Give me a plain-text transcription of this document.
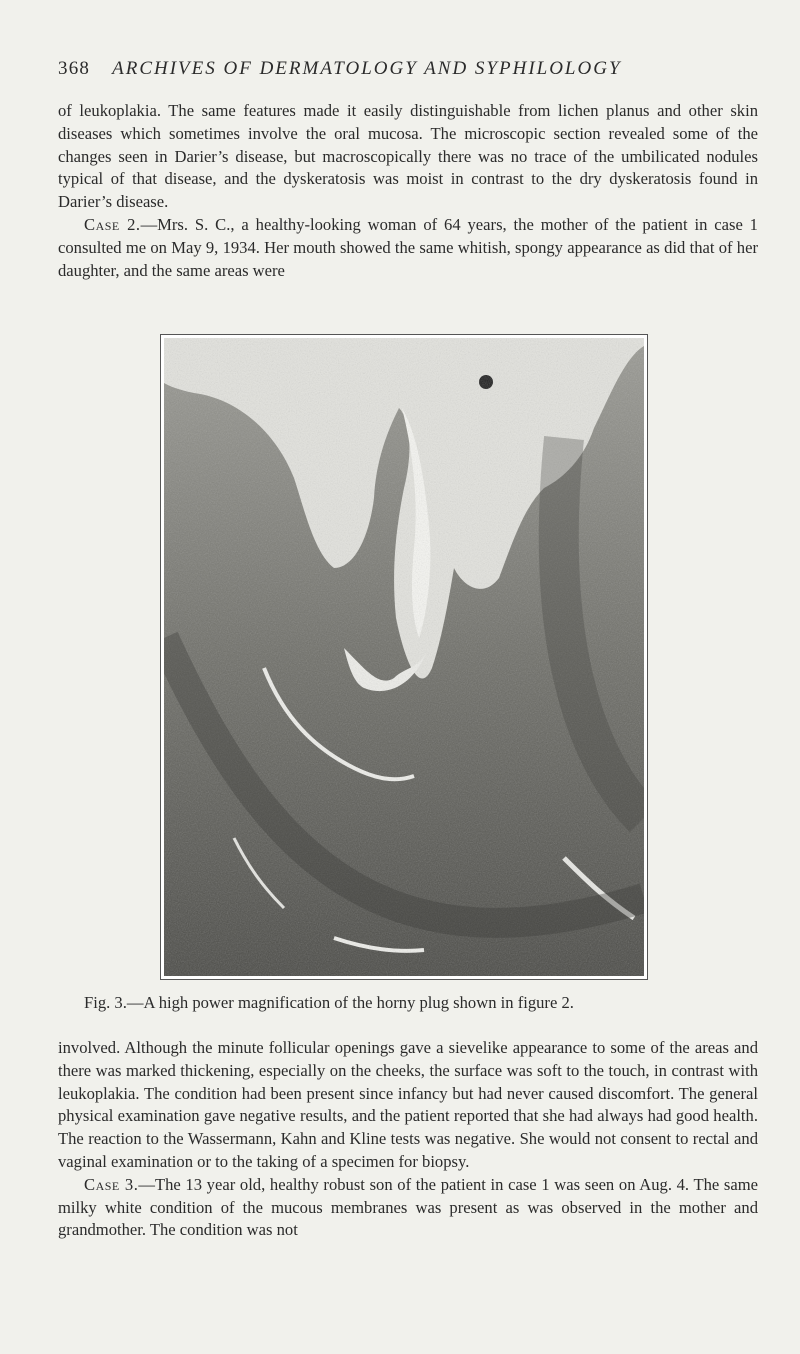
368 ARCHIVES OF DERMATOLOGY AND SYPHILOLOGY

of leukoplakia. The same features made it easily distinguishable from lichen planus and other skin diseases which sometimes involve the oral mucosa. The microscopic section revealed some of the changes seen in Darier’s disease, but macroscopically there was no trace of the umbilicated nodules typical of that disease, and the dyskeratosis was moist in contrast to the dry dyskeratosis found in Darier’s disease.

Case 2.—Mrs. S. C., a healthy-looking woman of 64 years, the mother of the patient in case 1 consulted me on May 9, 1934. Her mouth showed the same whitish, spongy appearance as did that of her daughter, and the same areas were

Fig. 3.—A high power magnification of the horny plug shown in figure 2.

involved. Although the minute follicular openings gave a sievelike appearance to some of the areas and there was marked thickening, especially on the cheeks, the surface was soft to the touch, in contrast with leukoplakia. The condition had been present since infancy but had never caused discomfort. The general physical examination gave negative results, and the patient reported that she had always had good health. The reaction to the Wassermann, Kahn and Kline tests was negative. She would not consent to rectal and vaginal examination or to the taking of a specimen for biopsy.

Case 3.—The 13 year old, healthy robust son of the patient in case 1 was seen on Aug. 4. The same milky white condition of the mucous membranes was present as was observed in the mother and grandmother. The condition was not
